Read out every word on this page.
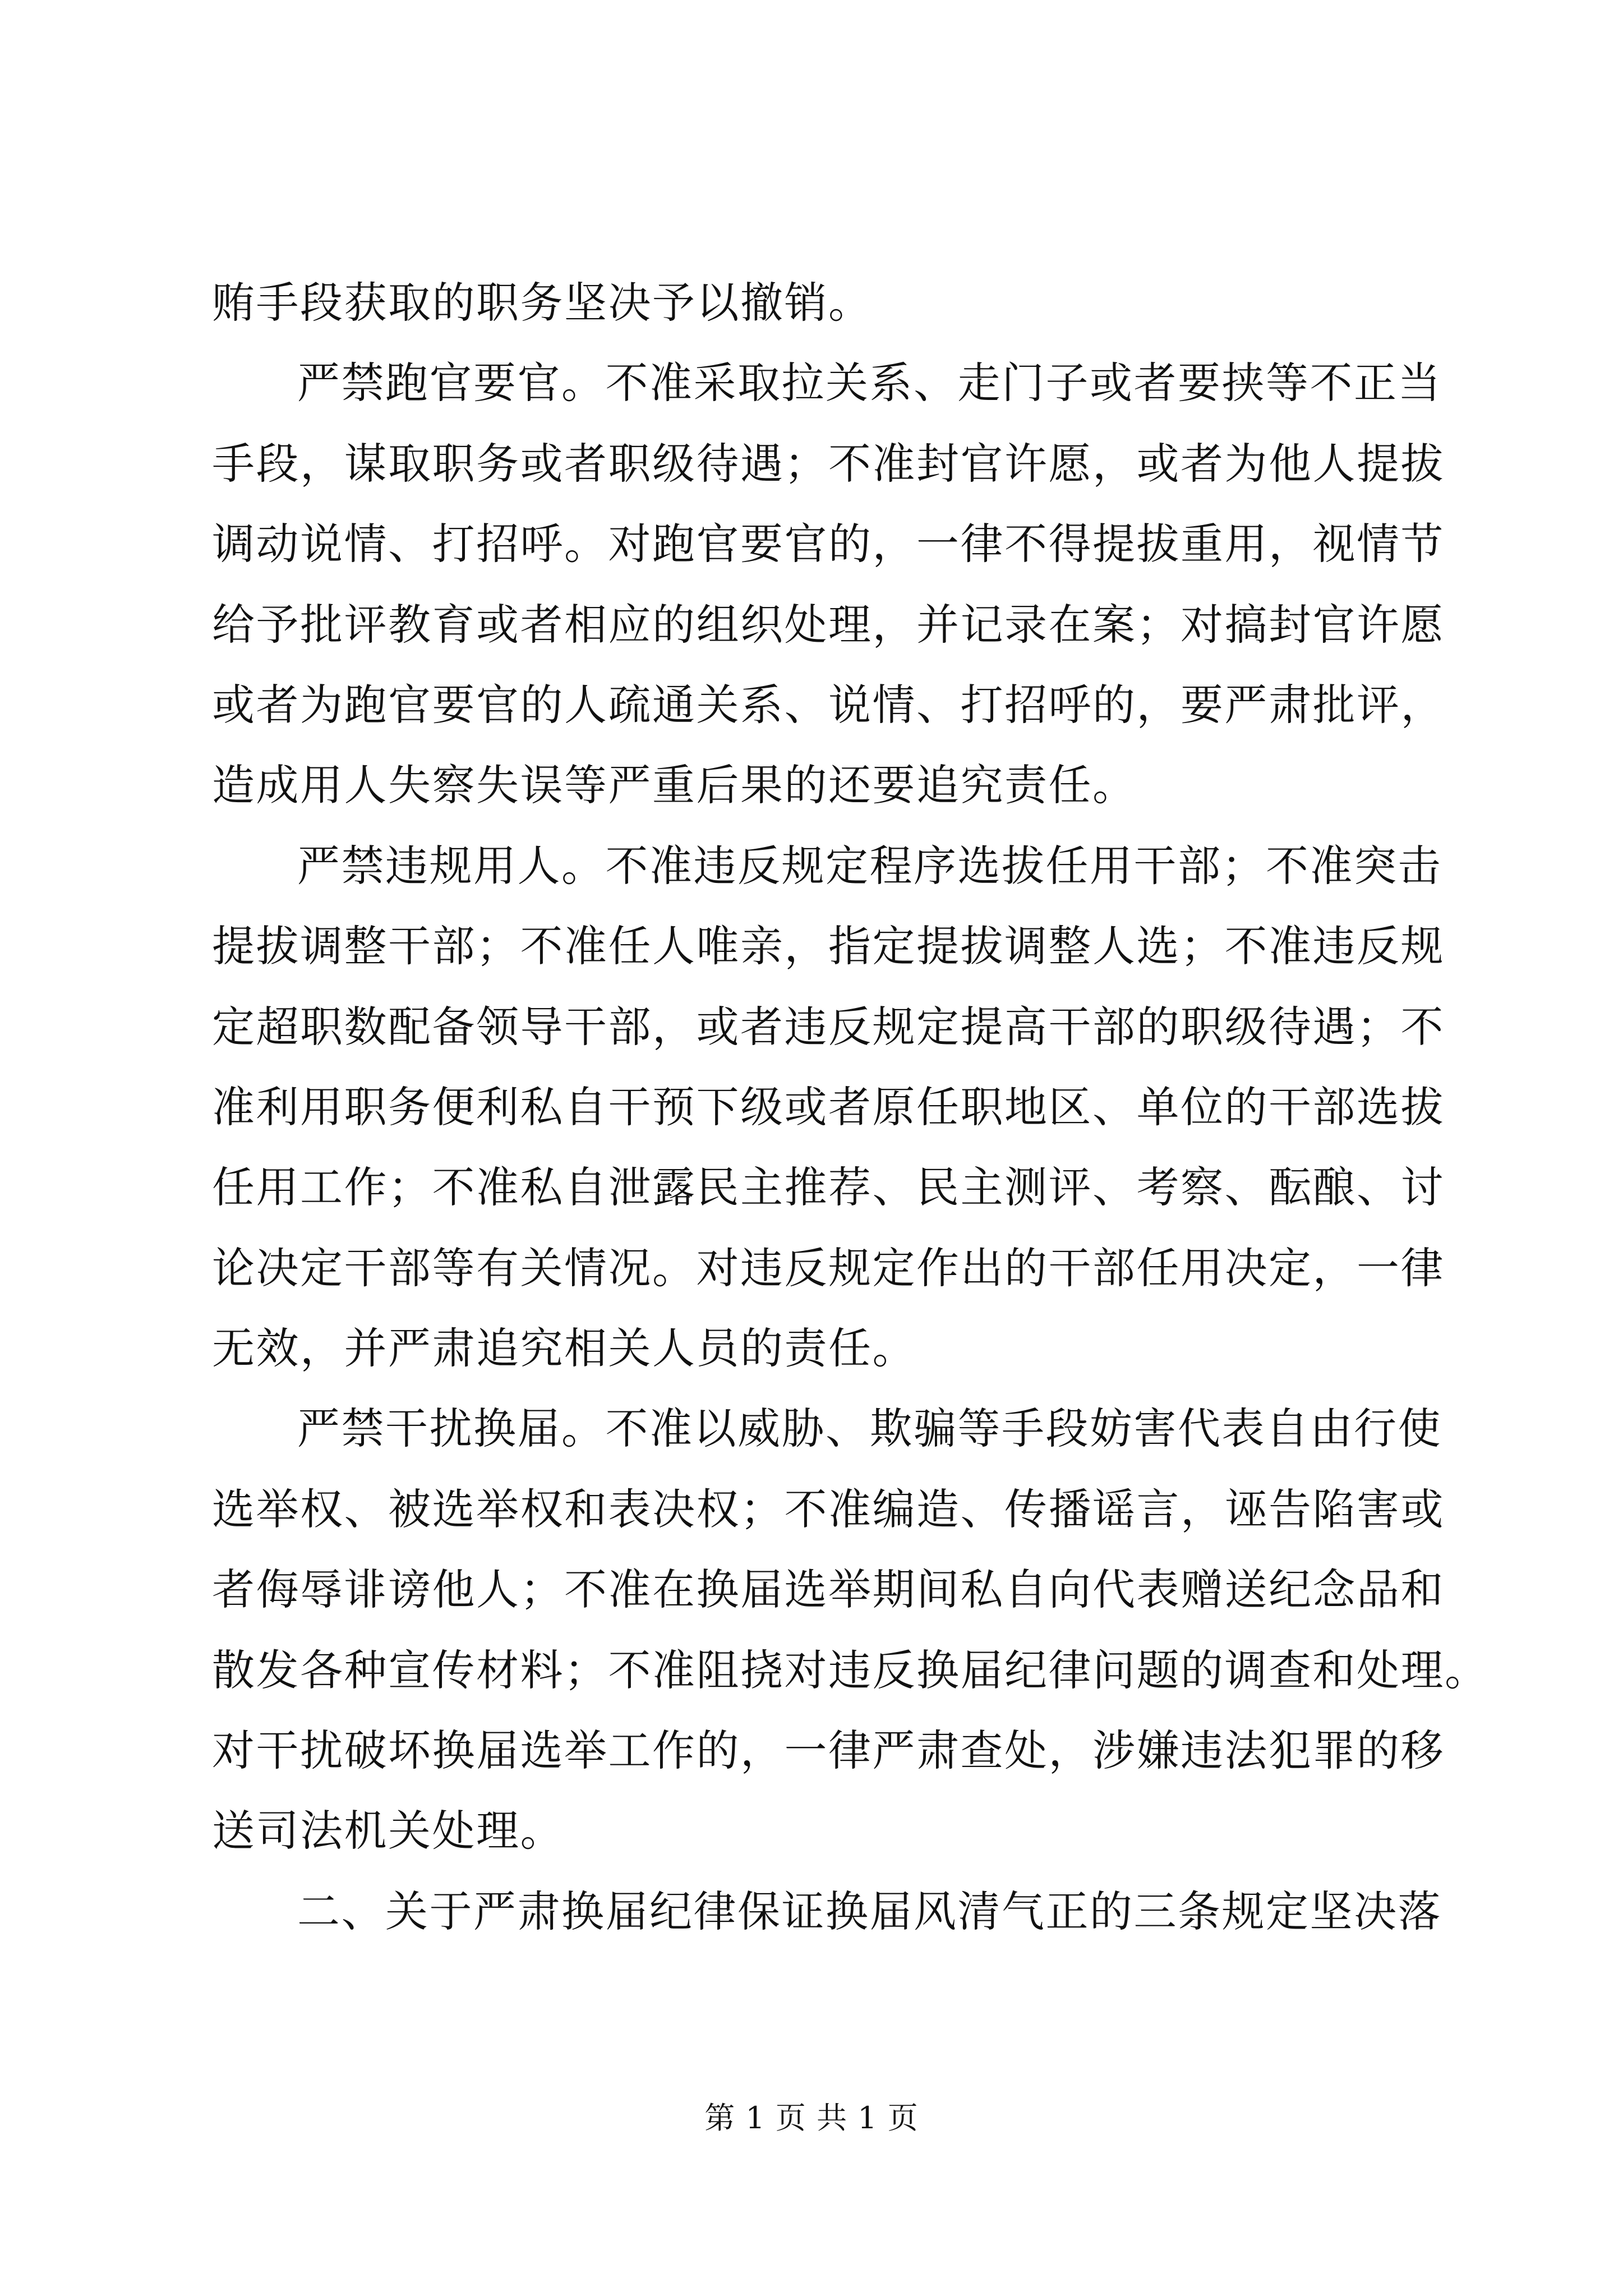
贿手段获取的职务坚决予以撤销。
严禁跑官要官。不准采取拉关系、走门子或者要挟等不正当
手段，谋取职务或者职级待遇；不准封官许愿，或者为他人提拔
调动说情、打招呼。对跑官要官的，一律不得提拔重用，视情节
给予批评教育或者相应的组织处理，并记录在案；对搞封官许愿
或者为跑官要官的人疏通关系、说情、打招呼的，要严肃批评，
造成用人失察失误等严重后果的还要追究责任。
严禁违规用人。不准违反规定程序选拔任用干部；不准突击
提拔调整干部；不准任人唯亲，指定提拔调整人选；不准违反规
定超职数配备领导干部，或者违反规定提高干部的职级待遇；不
准利用职务便利私自干预下级或者原任职地区、单位的干部选拔
任用工作；不准私自泄露民主推荐、民主测评、考察、酝酿、讨
论决定干部等有关情况。对违反规定作出的干部任用决定，一律
无效，并严肃追究相关人员的责任。
严禁干扰换届。不准以威胁、欺骗等手段妨害代表自由行使
选举权、被选举权和表决权；不准编造、传播谣言，诬告陷害或
者侮辱诽谤他人；不准在换届选举期间私自向代表赠送纪念品和
散发各种宣传材料；不准阻挠对违反换届纪律问题的调查和处理。
对干扰破坏换届选举工作的，一律严肃查处，涉嫌违法犯罪的移
送司法机关处理。
二、关于严肃换届纪律保证换届风清气正的三条规定坚决落
第 1 页 共 1 页
